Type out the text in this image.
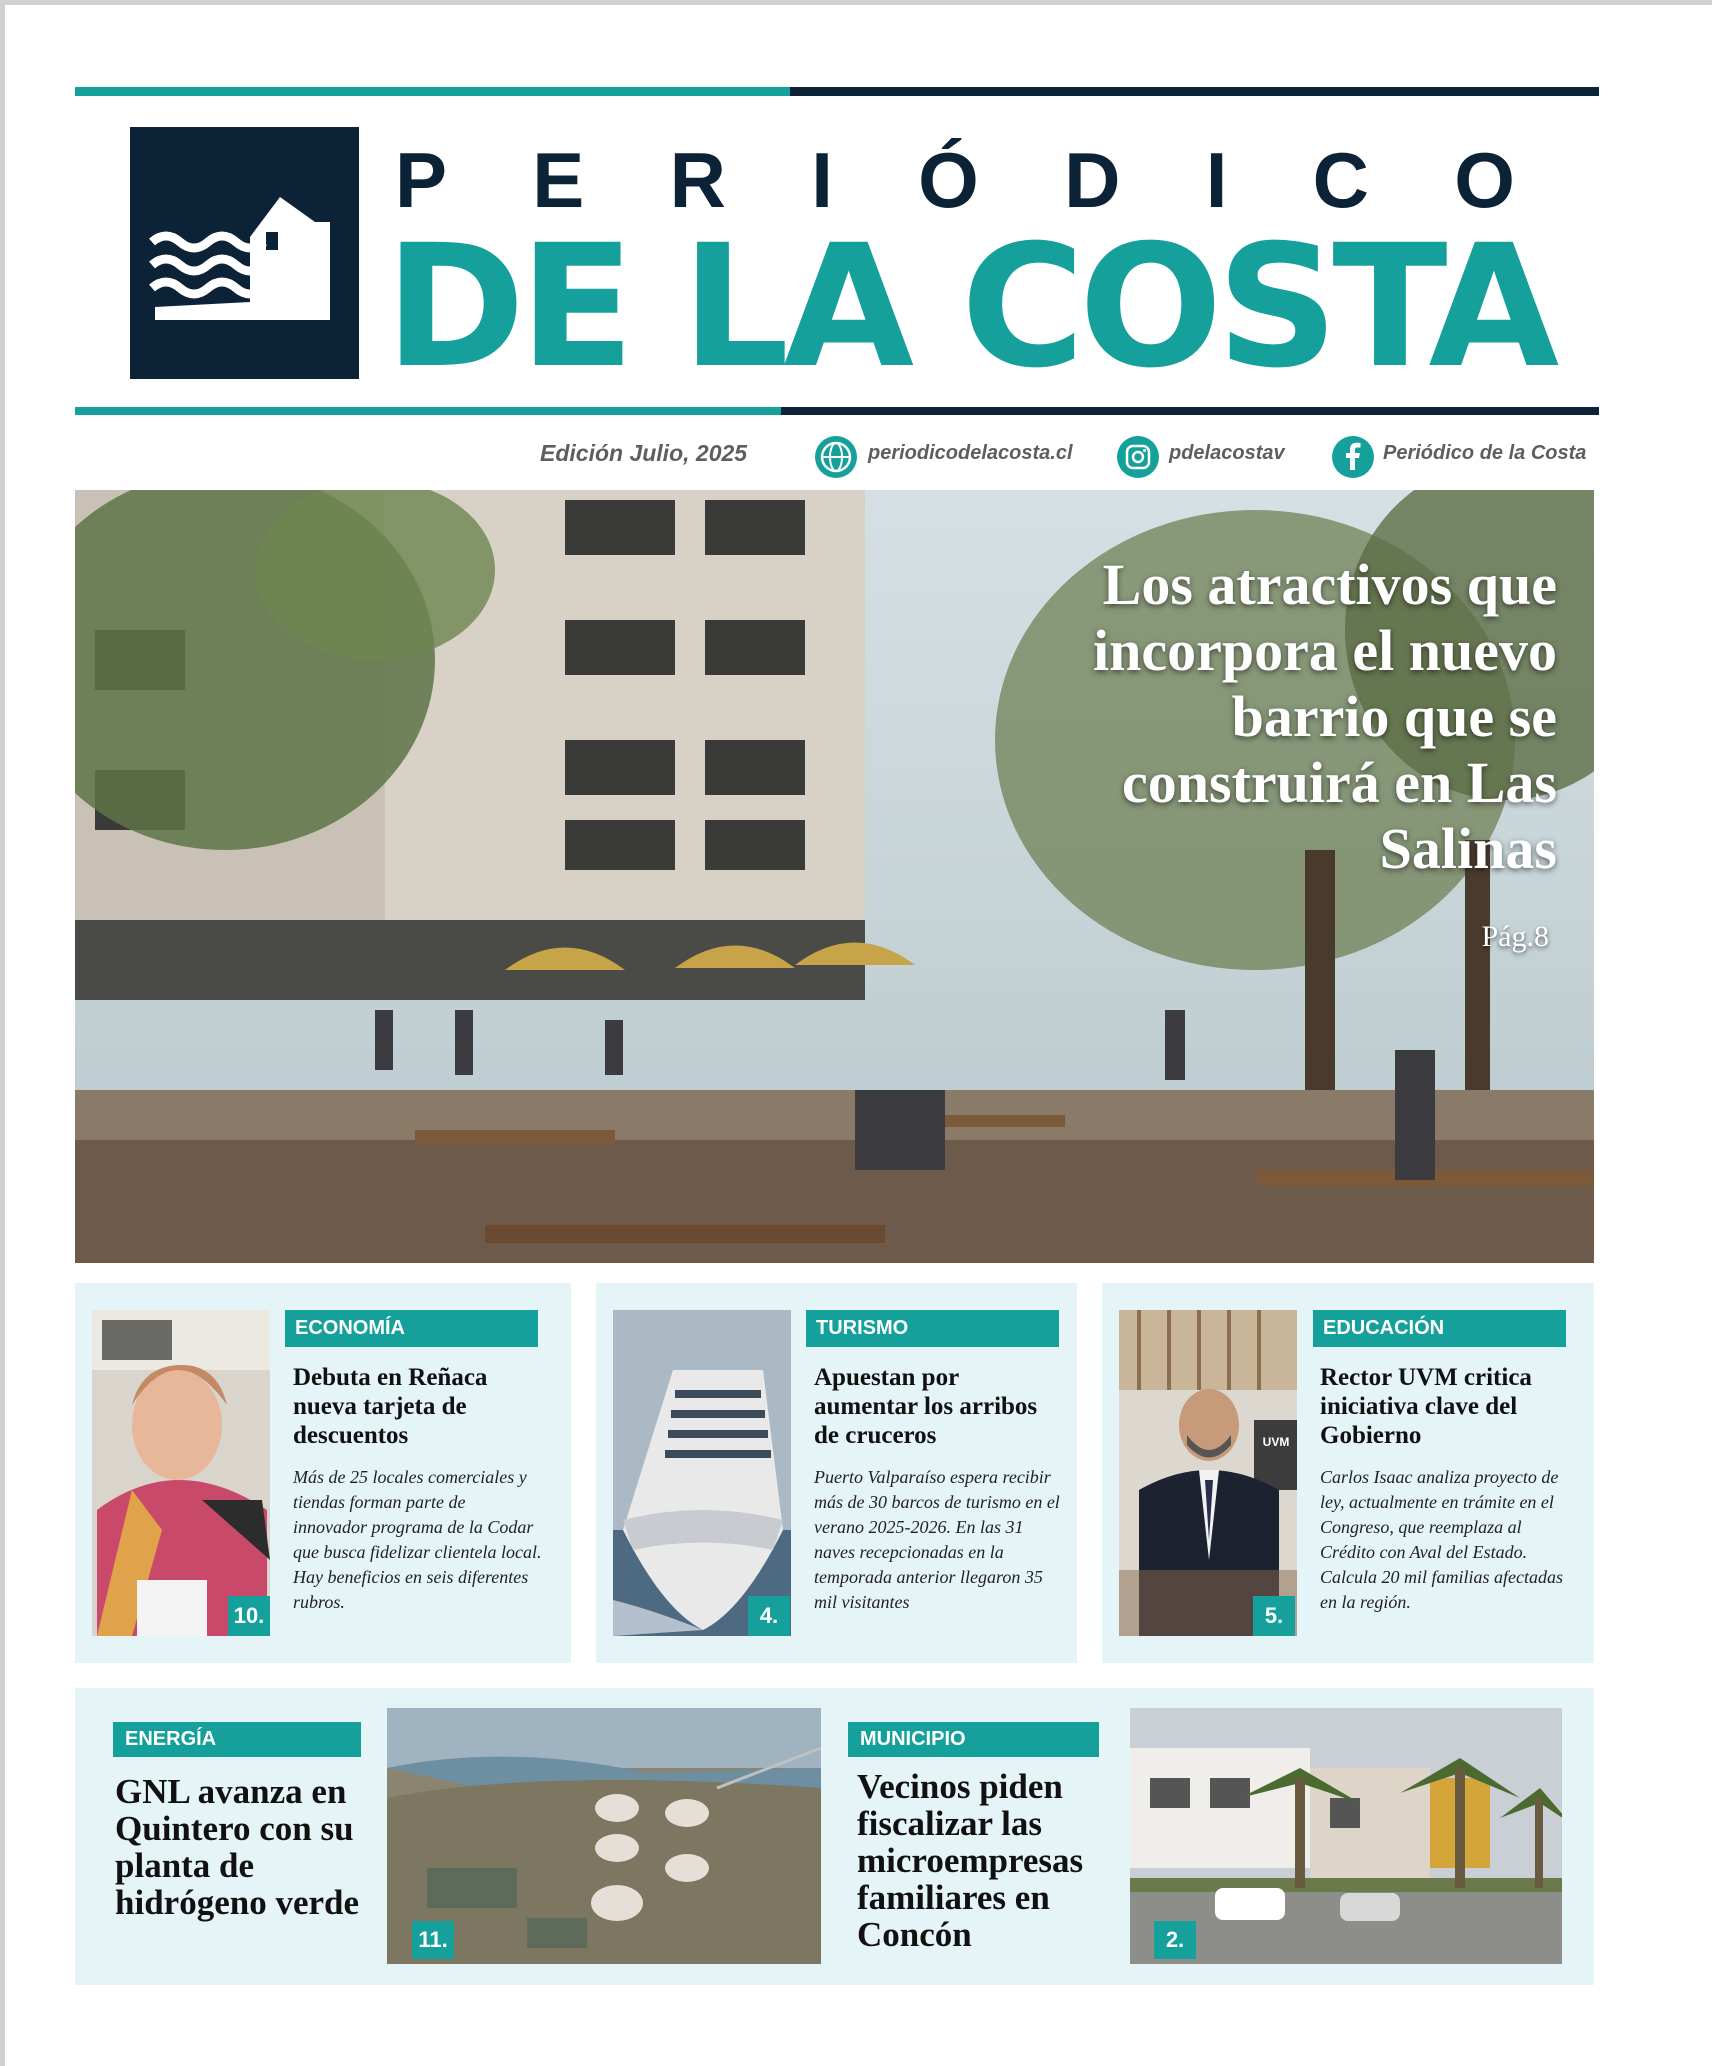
P E R I Ó D I C O
DE LA COSTA
Edición Julio, 2025	periodicodelacosta.cl	pdelacostav	Periódico de la Costa
Los atractivos que incorpora el nuevo barrio que se construirá en Las Salinas
Pág.8
10.
ECONOMÍA
Debuta en Reñaca nueva tarjeta de descuentos
Más de 25 locales comerciales y tiendas forman parte de innovador programa de la Codar que busca fidelizar clientela local. Hay beneficios en seis diferentes rubros.
4.
TURISMO
Apuestan por aumentar los arribos de cruceros
Puerto Valparaíso espera recibir más de 30 barcos de turismo en el verano 2025-2026. En las 31 naves recepcionadas en la temporada anterior llegaron 35 mil visitantes
UVM
5.
EDUCACIÓN
Rector UVM critica iniciativa clave del Gobierno
Carlos Isaac analiza proyecto de ley, actualmente en trámite en el Congreso, que reemplaza al Crédito con Aval del Estado. Calcula 20 mil familias afectadas en la región.
ENERGÍA
GNL avanza en Quintero con su planta de hidrógeno verde
11.
MUNICIPIO
Vecinos piden fiscalizar las microempresas familiares en Concón	2.
